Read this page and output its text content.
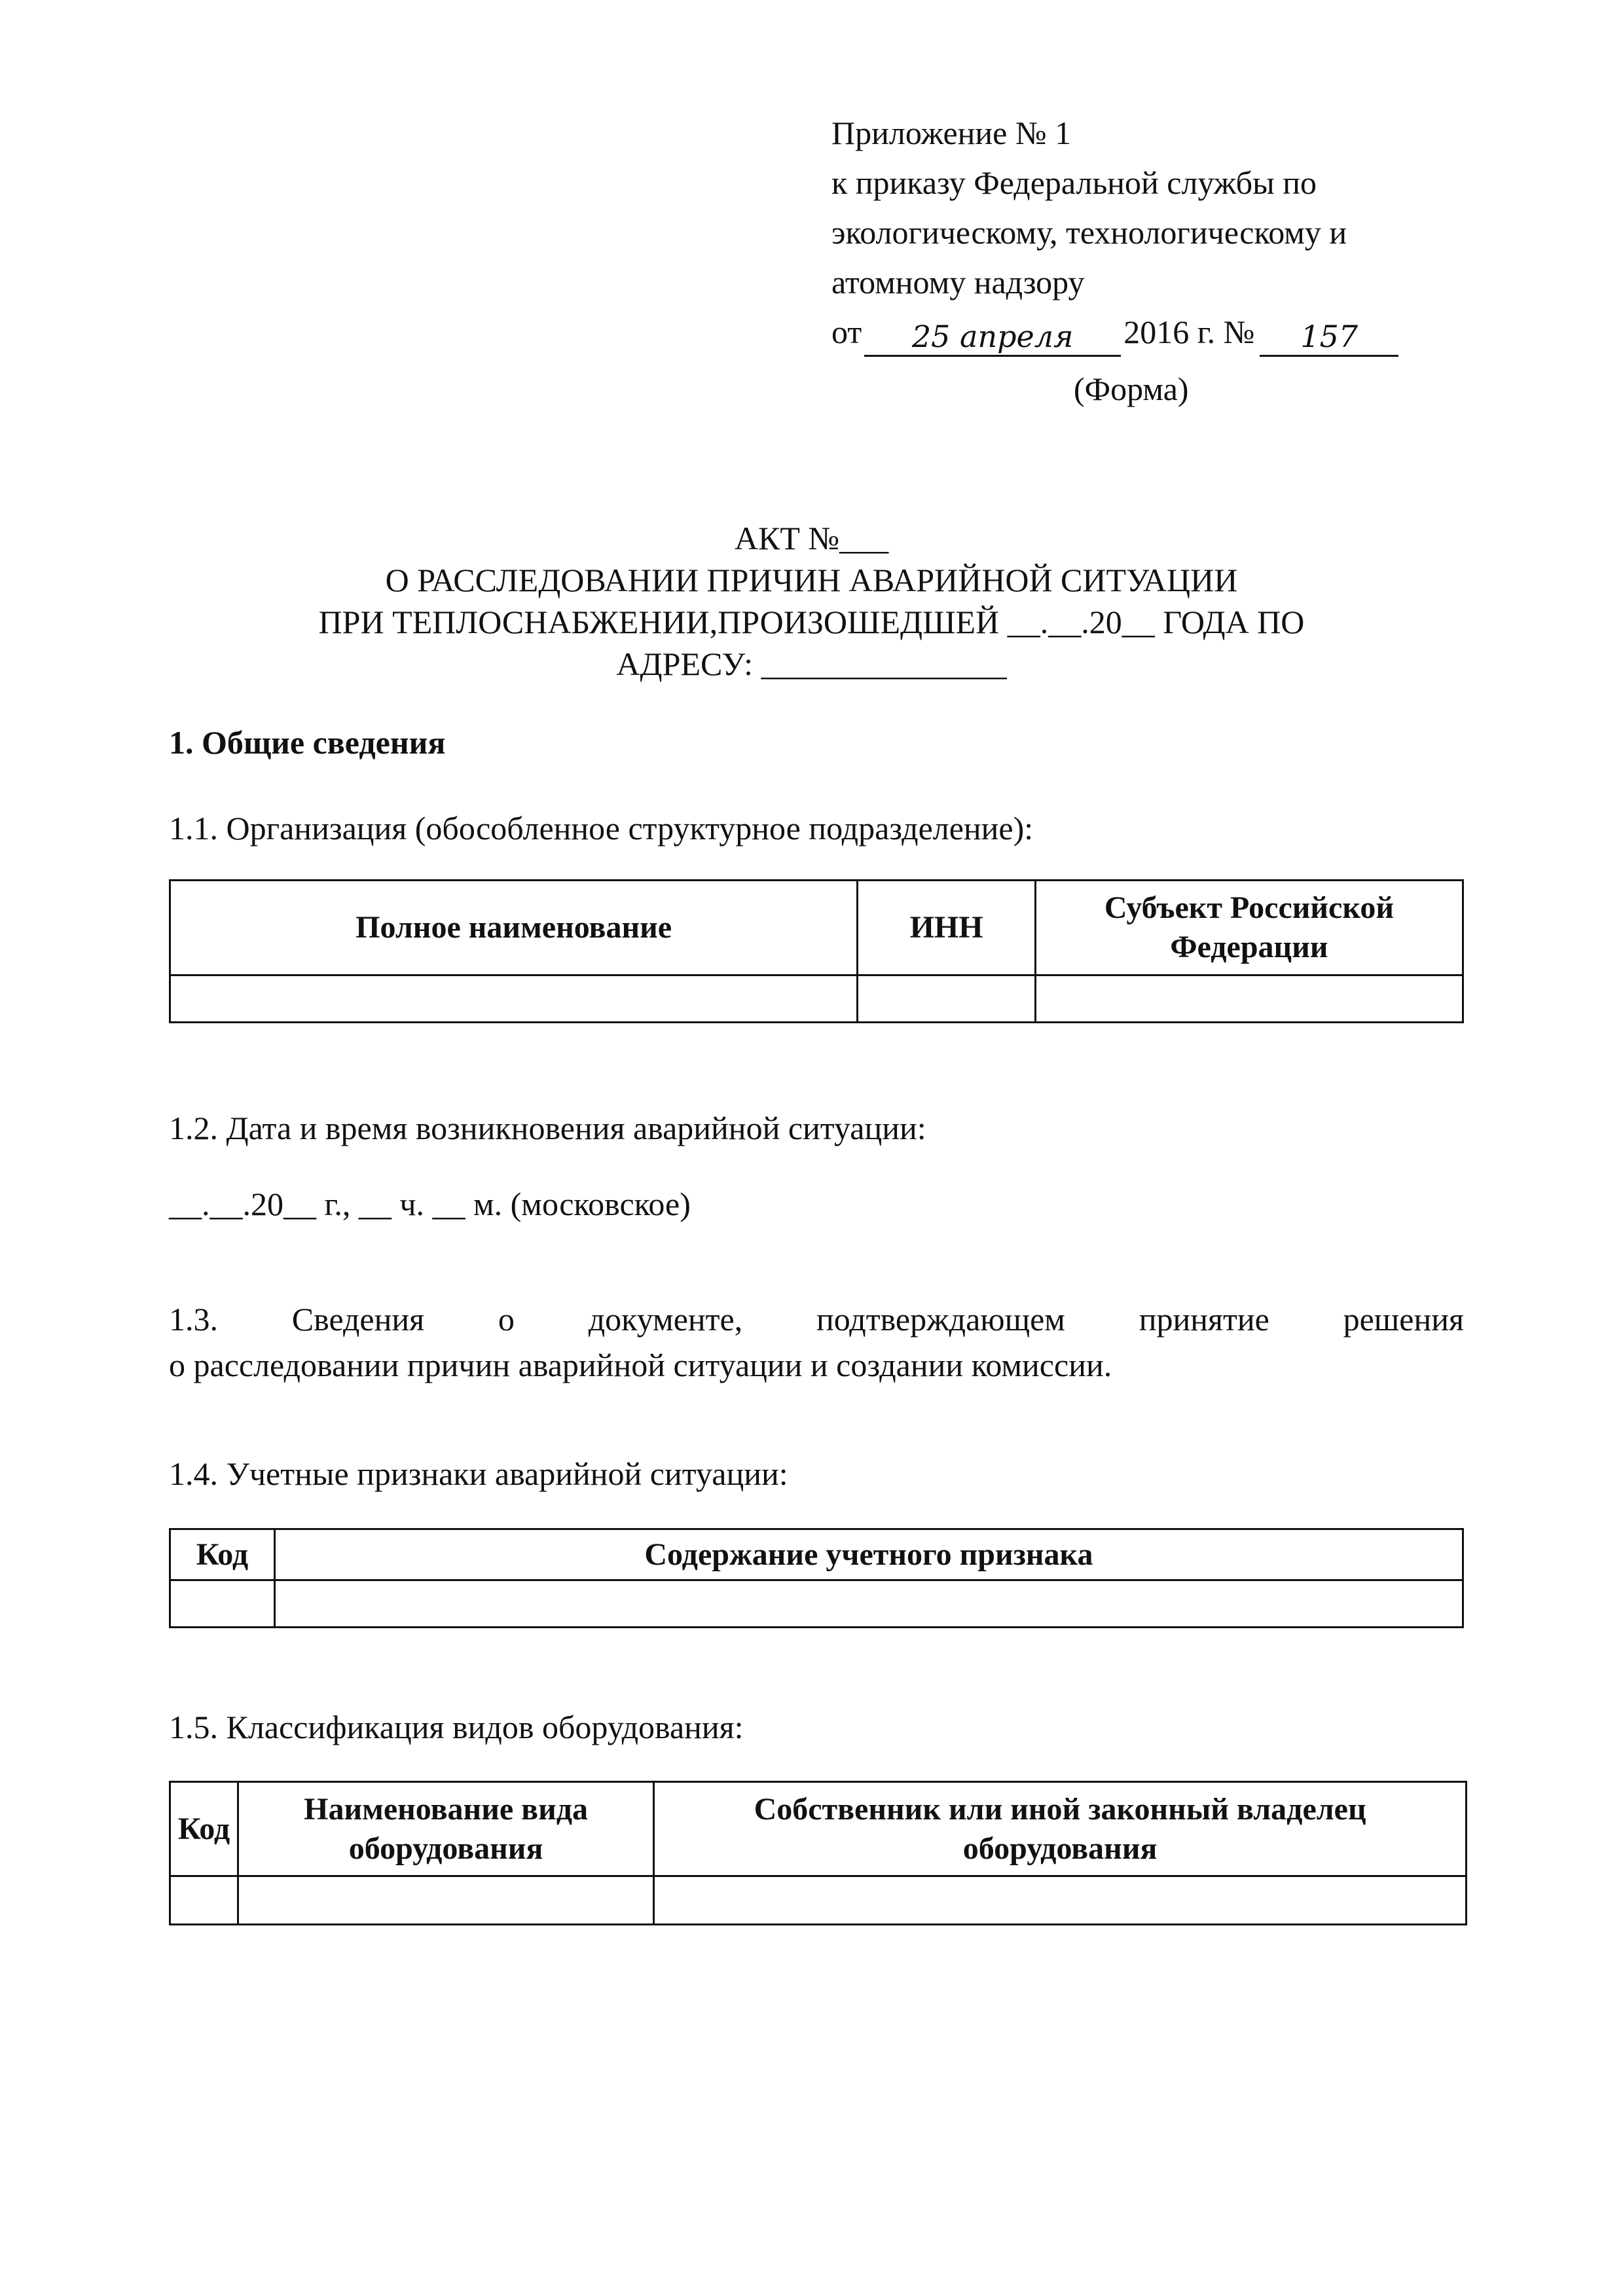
Приложение № 1
к приказу Федеральной службы по
экологическому, технологическому и
атомному надзору
от	25 апреля	2016 г. №	157
(Форма)
АКТ №___
О РАССЛЕДОВАНИИ ПРИЧИН АВАРИЙНОЙ СИТУАЦИИ
ПРИ ТЕПЛОСНАБЖЕНИИ,ПРОИЗОШЕДШЕЙ __.__.20__ ГОДА ПО
АДРЕСУ: _______________
1. Общие сведения
1.1. Организация (обособленное структурное подразделение):
Полное наименование	ИНН	Субъект Российской Федерации

1.2. Дата и время возникновения аварийной ситуации:
__.__.20__ г., __ ч. __ м. (московское)
1.3. Сведения о документе, подтверждающем принятие решения
о расследовании причин аварийной ситуации и создании комиссии.
1.4. Учетные признаки аварийной ситуации:
Код	Содержание учетного признака

1.5. Классификация видов оборудования:
Код	Наименование вида оборудования	Собственник или иной законный владелец оборудования
